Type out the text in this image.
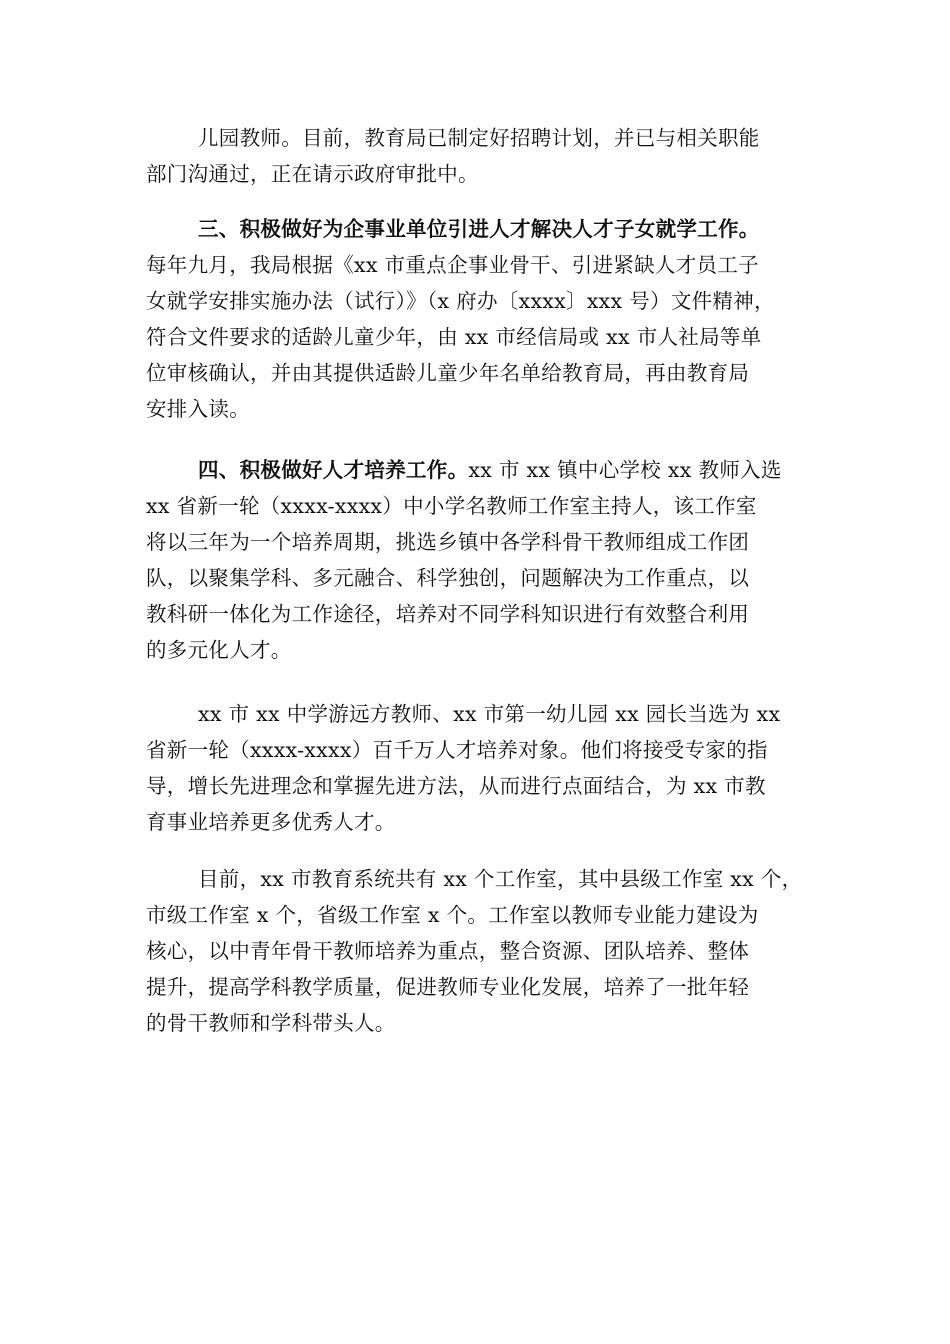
儿园教师。目前，教育局已制定好招聘计划，并已与相关职能
部门沟通过，正在请示政府审批中。
三、积极做好为企事业单位引进人才解决人才子女就学工作。
每年九月，我局根据《xx 市重点企事业骨干、引进紧缺人才员工子
女就学安排实施办法（试行）》（x 府办〔xxxx〕xxx 号）文件精神，
符合文件要求的适龄儿童少年，由 xx 市经信局或 xx 市人社局等单
位审核确认，并由其提供适龄儿童少年名单给教育局，再由教育局
安排入读。
四、积极做好人才培养工作。xx 市 xx 镇中心学校 xx 教师入选
xx 省新一轮（xxxx-xxxx）中小学名教师工作室主持人，该工作室
将以三年为一个培养周期，挑选乡镇中各学科骨干教师组成工作团
队，以聚集学科、多元融合、科学独创，问题解决为工作重点，以
教科研一体化为工作途径，培养对不同学科知识进行有效整合利用
的多元化人才。
xx 市 xx 中学游远方教师、xx 市第一幼儿园 xx 园长当选为 xx
省新一轮（xxxx-xxxx）百千万人才培养对象。他们将接受专家的指
导，增长先进理念和掌握先进方法，从而进行点面结合，为 xx 市教
育事业培养更多优秀人才。
目前，xx 市教育系统共有 xx 个工作室，其中县级工作室 xx 个，
市级工作室 x 个，省级工作室 x 个。工作室以教师专业能力建设为
核心，以中青年骨干教师培养为重点，整合资源、团队培养、整体
提升，提高学科教学质量，促进教师专业化发展，培养了一批年轻
的骨干教师和学科带头人。
